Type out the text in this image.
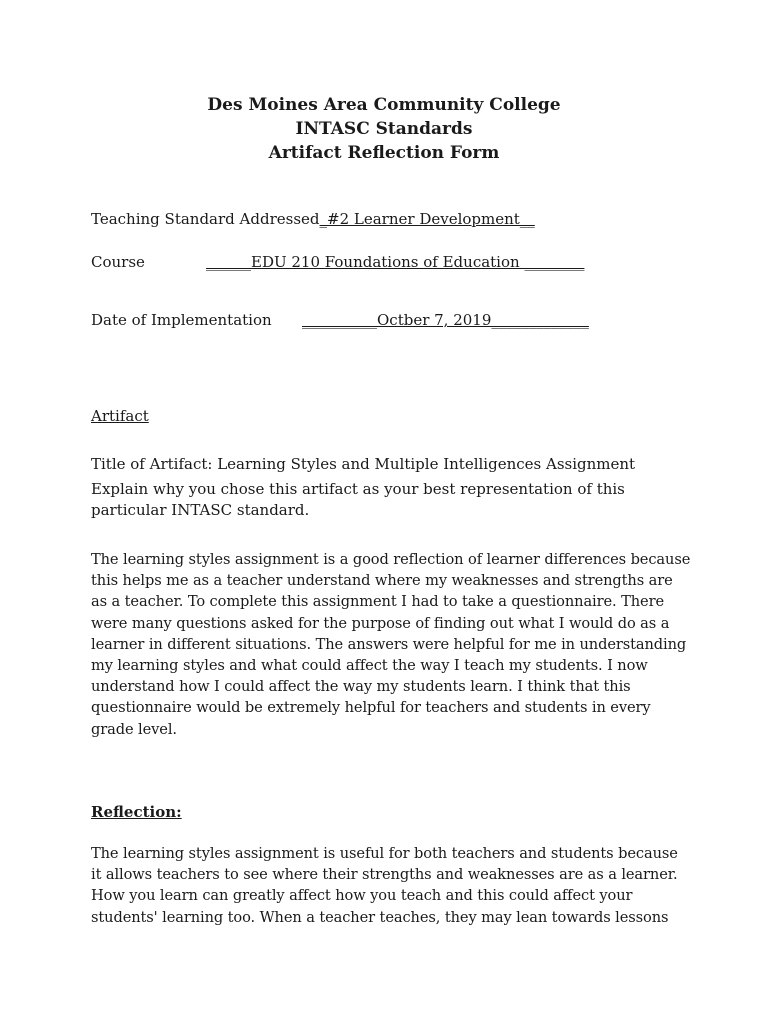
Des Moines Area Community College
INTASC Standards
Artifact Reflection Form
Teaching Standard Addressed_#2 Learner Development__
Course	______EDU 210 Foundations of Education ________
Date of Implementation __________Octber 7, 2019_____________
Artifact
Title of Artifact: Learning Styles and Multiple Intelligences Assignment
Explain why you chose this artifact as your best representation of this particular INTASC standard.
The learning styles assignment is a good reflection of learner differences because this helps me as a teacher understand where my weaknesses and strengths are as a teacher. To complete this assignment I had to take a questionnaire. There were many questions asked for the purpose of finding out what I would do as a learner in different situations. The answers were helpful for me in understanding my learning styles and what could affect the way I teach my students. I now understand how I could affect the way my students learn. I think that this questionnaire would be extremely helpful for teachers and students in every grade level.
Reflection:
The learning styles assignment is useful for both teachers and students because it allows teachers to see where their strengths and weaknesses are as a learner. How you learn can greatly affect how you teach and this could affect your students' learning too. When a teacher teaches, they may lean towards lessons
